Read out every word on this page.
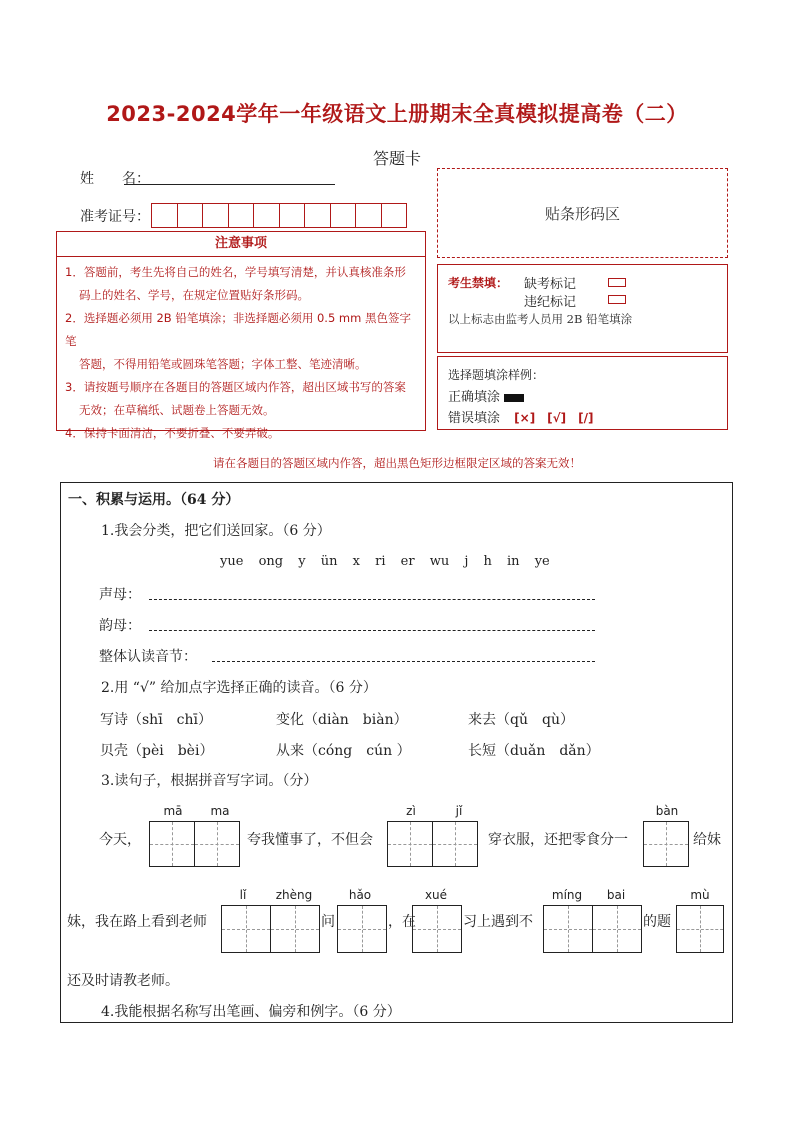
2023-2024学年一年级语文上册期末全真模拟提高卷（二）
答题卡
姓　　名：
准考证号：	贴条形码区
注意事项
1．答题前，考生先将自己的姓名，学号填写清楚，并认真核准条形
码上的姓名、学号，在规定位置贴好条形码。
2．选择题必须用 2B 铅笔填涂；非选择题必须用 0.5 mm 黑色签字笔
答题，不得用铅笔或圆珠笔答题；字体工整、笔迹清晰。
3．请按题号顺序在各题目的答题区域内作答，超出区域书写的答案
无效；在草稿纸、试题卷上答题无效。
4．保持卡面清洁，不要折叠、不要弄破。
考生禁填： 缺考标记
违纪标记
以上标志由监考人员用 2B 铅笔填涂
选择题填涂样例：
正确填涂
错误填涂 [×]　[√]　[/]
请在各题目的答题区域内作答，超出黑色矩形边框限定区域的答案无效！
一、积累与运用。（64 分）
1.我会分类，把它们送回家。（6 分）
yue ong y ün x ri er wu j h in ye
声母：
韵母：
整体认读音节：
2.用 “√” 给加点字选择正确的读音。（6 分）
写诗（shī　chī）	变化（diàn　biàn）	来去（qǔ　qù）
贝壳（pèi　bèi）	从来（cóng　cún ）	长短（duǎn　dǎn）
3.读句子，根据拼音写字词。（分）
mā	ma	zì	jǐ	bàn
今天，	夸我懂事了，不但会	穿衣服，还把零食分一	给妹
lǐ	zhèng	hǎo	xué	míng	bai	mù
妹，我在路上看到老师	问	，在	习上遇到不	的题
还及时请教老师。
4.我能根据名称写出笔画、偏旁和例字。（6 分）
